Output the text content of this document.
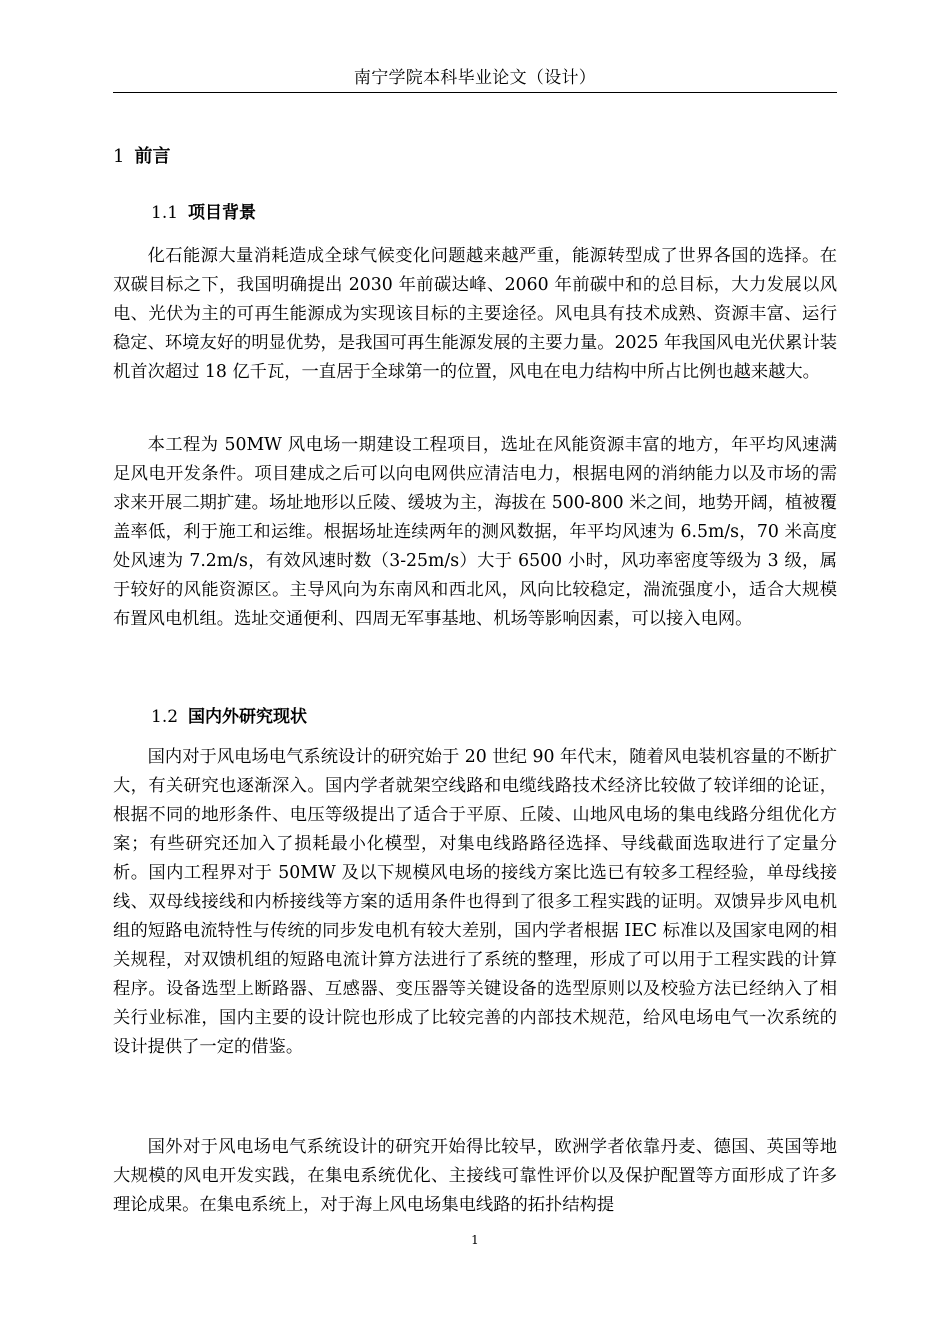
南宁学院本科毕业论文（设计）
1 前言
1.1 项目背景

化石能源大量消耗造成全球气候变化问题越来越严重，能源转型成了世界各国的选择。在双碳目标之下，我国明确提出 2030 年前碳达峰、2060 年前碳中和的总目标，大力发展以风电、光伏为主的可再生能源成为实现该目标的主要途径。风电具有技术成熟、资源丰富、运行稳定、环境友好的明显优势，是我国可再生能源发展的主要力量。2025 年我国风电光伏累计装机首次超过 18 亿千瓦，一直居于全球第一的位置，风电在电力结构中所占比例也越来越大。

本工程为 50MW 风电场一期建设工程项目，选址在风能资源丰富的地方，年平均风速满足风电开发条件。项目建成之后可以向电网供应清洁电力，根据电网的消纳能力以及市场的需求来开展二期扩建。场址地形以丘陵、缓坡为主，海拔在 500-800 米之间，地势开阔，植被覆盖率低，利于施工和运维。根据场址连续两年的测风数据，年平均风速为 6.5m/s，70 米高度处风速为 7.2m/s，有效风速时数（3-25m/s）大于 6500 小时，风功率密度等级为 3 级，属于较好的风能资源区。主导风向为东南风和西北风，风向比较稳定，湍流强度小，适合大规模布置风电机组。选址交通便利、四周无军事基地、机场等影响因素，可以接入电网。

1.2 国内外研究现状

国内对于风电场电气系统设计的研究始于 20 世纪 90 年代末，随着风电装机容量的不断扩大，有关研究也逐渐深入。国内学者就架空线路和电缆线路技术经济比较做了较详细的论证，根据不同的地形条件、电压等级提出了适合于平原、丘陵、山地风电场的集电线路分组优化方案；有些研究还加入了损耗最小化模型，对集电线路路径选择、导线截面选取进行了定量分析。国内工程界对于 50MW 及以下规模风电场的接线方案比选已有较多工程经验，单母线接线、双母线接线和内桥接线等方案的适用条件也得到了很多工程实践的证明。双馈异步风电机组的短路电流特性与传统的同步发电机有较大差别，国内学者根据 IEC 标准以及国家电网的相关规程，对双馈机组的短路电流计算方法进行了系统的整理，形成了可以用于工程实践的计算程序。设备选型上断路器、互感器、变压器等关键设备的选型原则以及校验方法已经纳入了相关行业标准，国内主要的设计院也形成了比较完善的内部技术规范，给风电场电气一次系统的设计提供了一定的借鉴。

国外对于风电场电气系统设计的研究开始得比较早，欧洲学者依靠丹麦、德国、英国等地大规模的风电开发实践，在集电系统优化、主接线可靠性评价以及保护配置等方面形成了许多理论成果。在集电系统上，对于海上风电场集电线路的拓扑结构提

1
